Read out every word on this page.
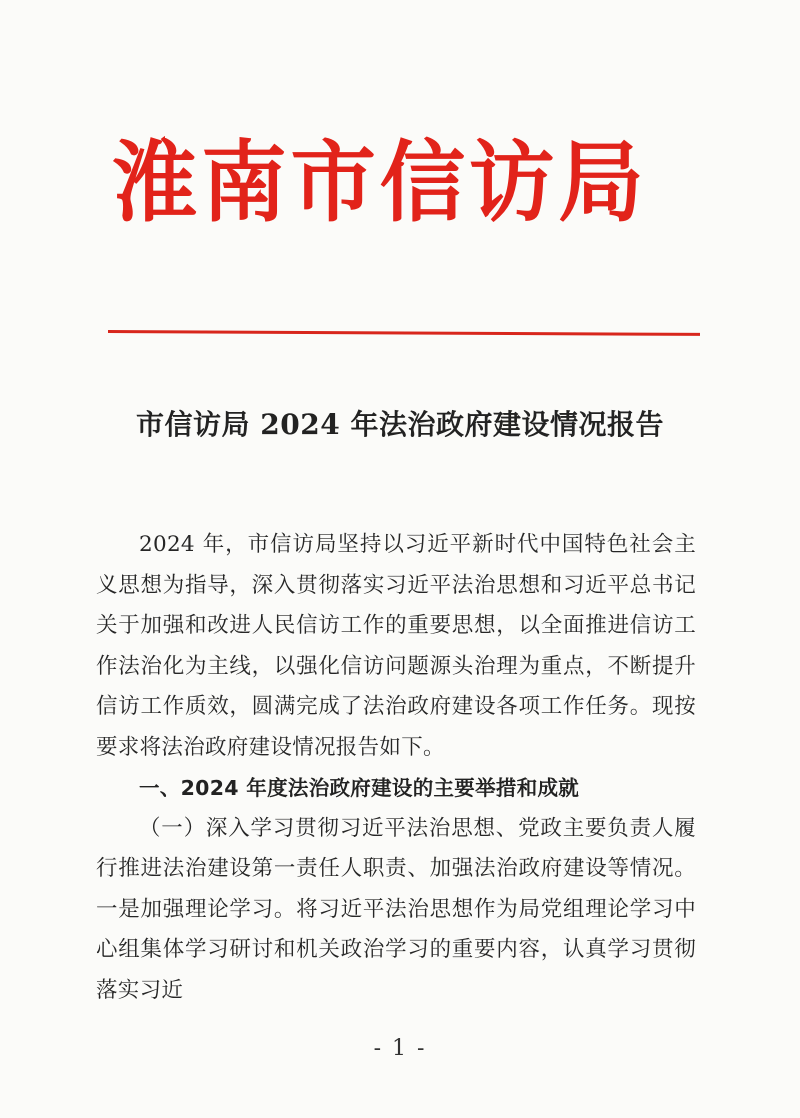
淮南市信访局
市信访局 2024 年法治政府建设情况报告

2024 年，市信访局坚持以习近平新时代中国特色社会主义思想为指导，深入贯彻落实习近平法治思想和习近平总书记关于加强和改进人民信访工作的重要思想，以全面推进信访工作法治化为主线，以强化信访问题源头治理为重点，不断提升信访工作质效，圆满完成了法治政府建设各项工作任务。现按要求将法治政府建设情况报告如下。

一、2024 年度法治政府建设的主要举措和成就

（一）深入学习贯彻习近平法治思想、党政主要负责人履行推进法治建设第一责任人职责、加强法治政府建设等情况。一是加强理论学习。将习近平法治思想作为局党组理论学习中心组集体学习研讨和机关政治学习的重要内容，认真学习贯彻落实习近

- 1 -
